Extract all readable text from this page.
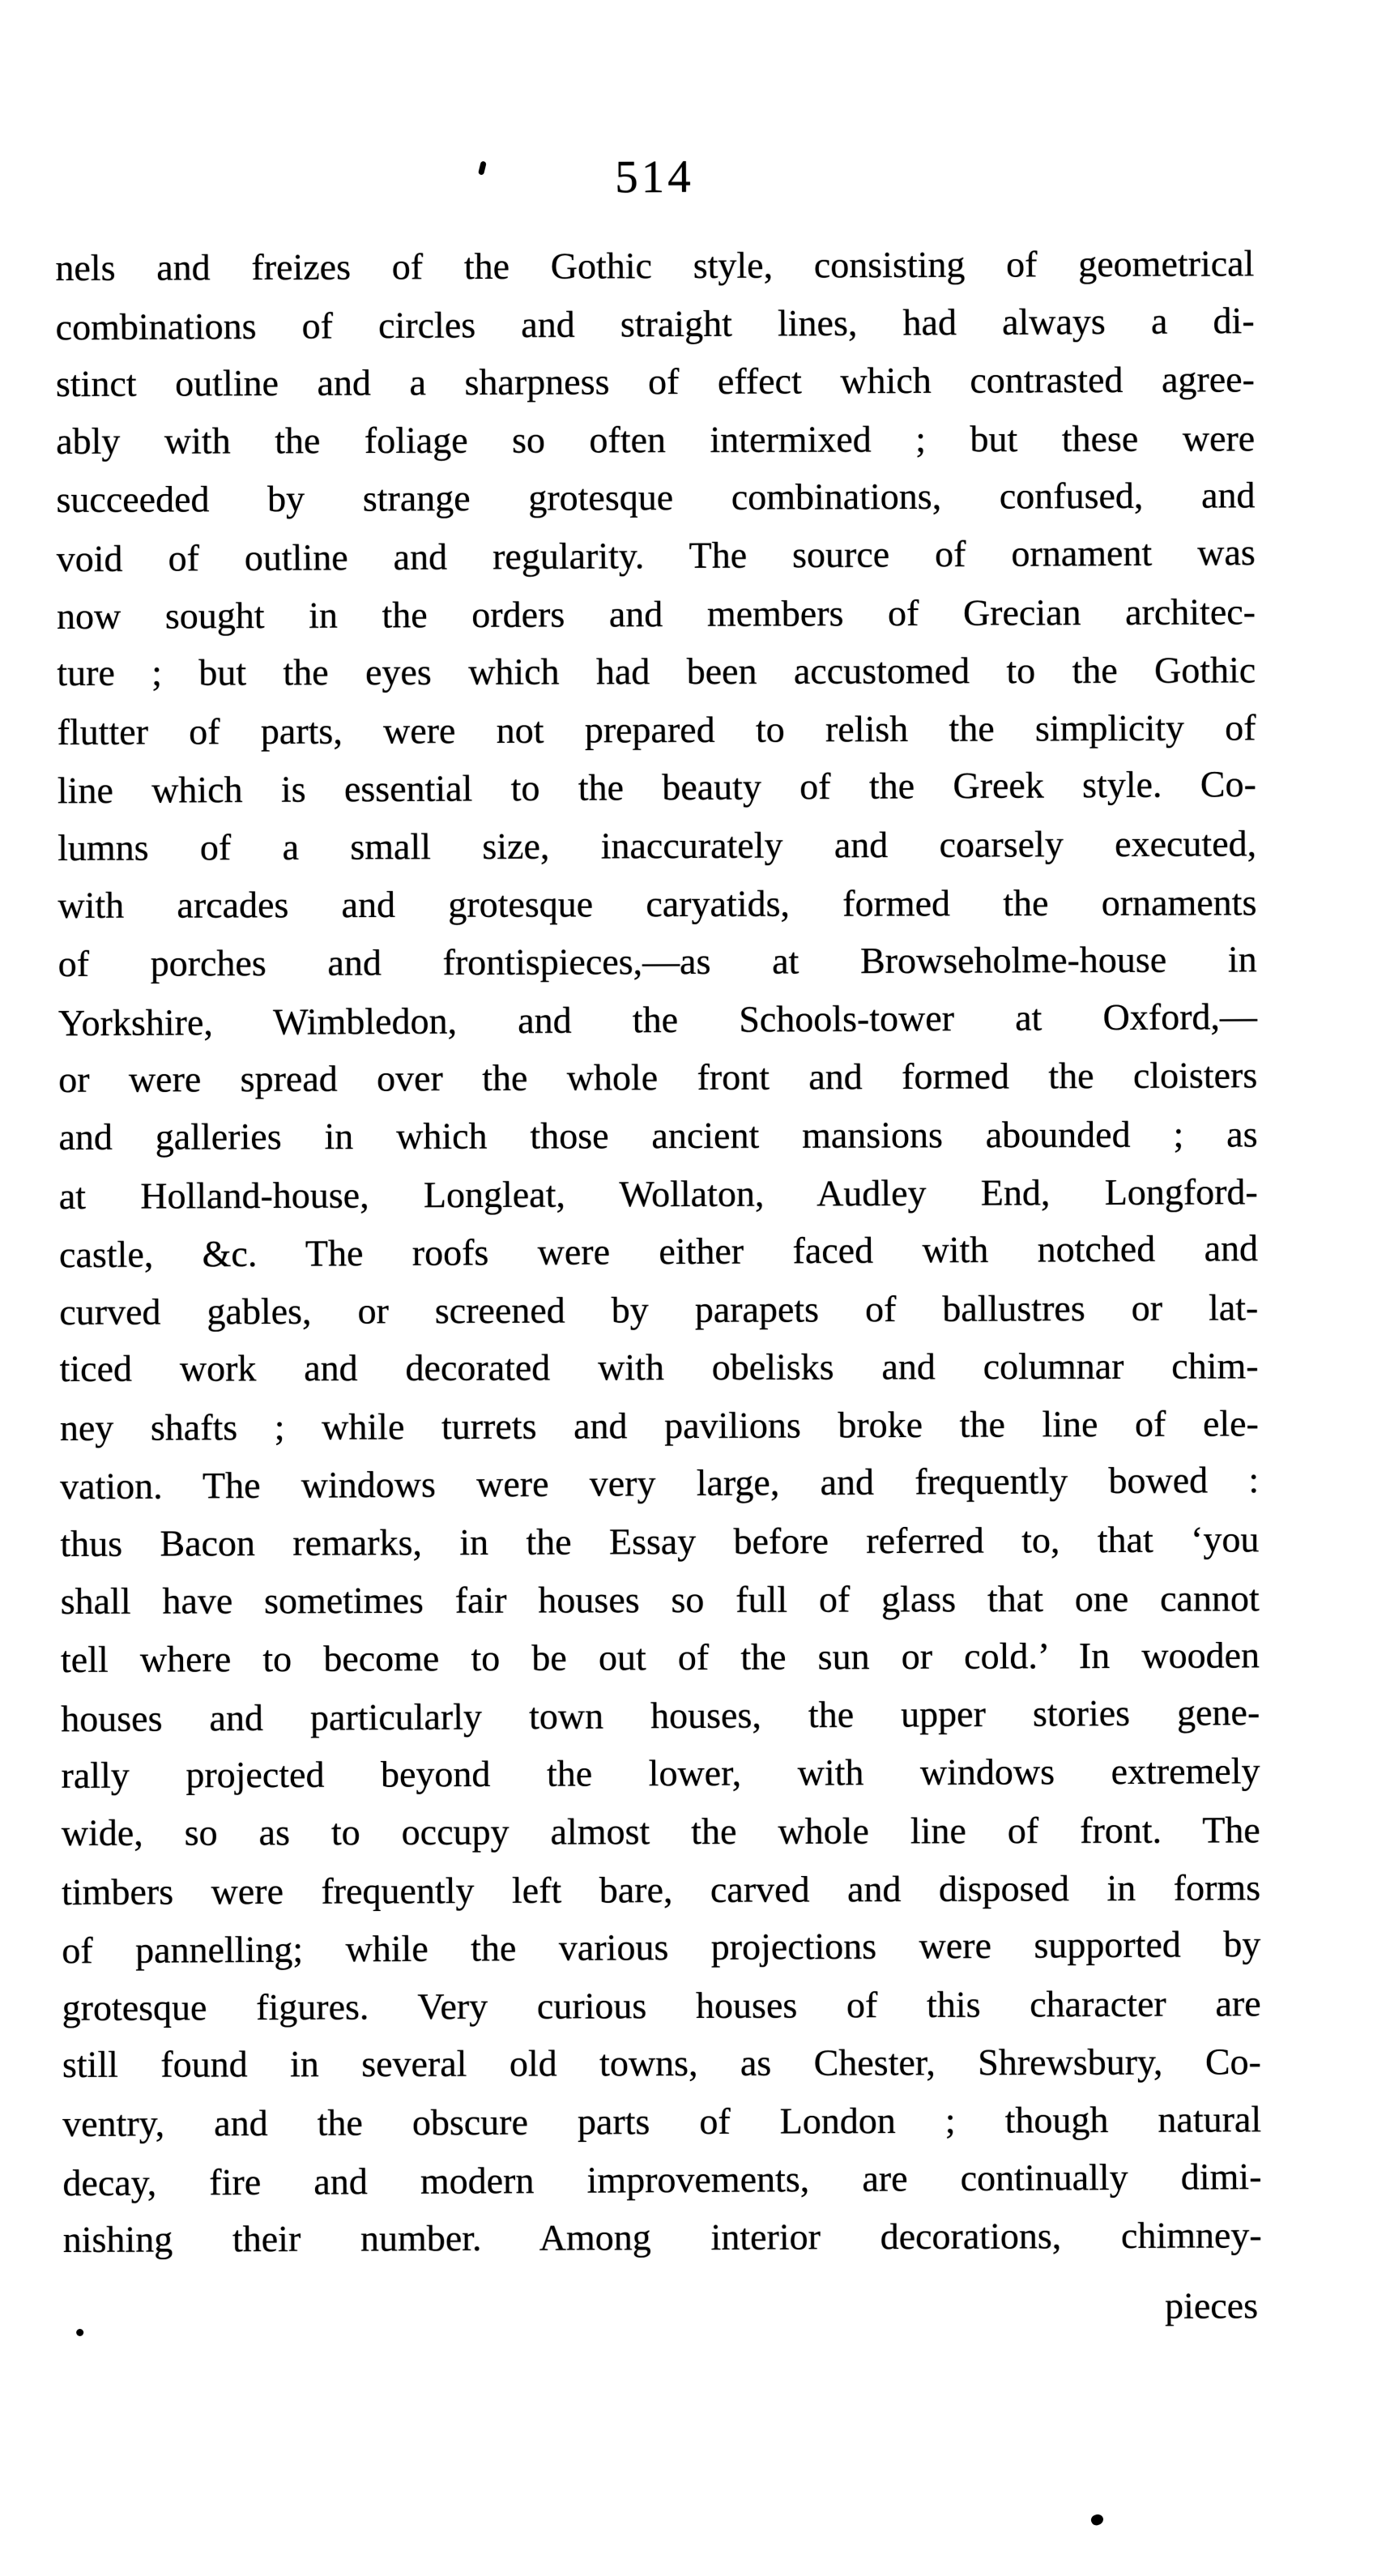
514
nels and freizes of the Gothic style, consisting of geometrical
combinations of circles and straight lines, had always a di-
stinct outline and a sharpness of effect which contrasted agree-
ably with the foliage so often intermixed ; but these were
succeeded by strange grotesque combinations, confused, and
void of outline and regularity. The source of ornament was
now sought in the orders and members of Grecian architec-
ture ; but the eyes which had been accustomed to the Gothic
flutter of parts, were not prepared to relish the simplicity of
line which is essential to the beauty of the Greek style. Co-
lumns of a small size, inaccurately and coarsely executed,
with arcades and grotesque caryatids, formed the ornaments
of porches and frontispieces,—as at Browseholme-house in
Yorkshire, Wimbledon, and the Schools-tower at Oxford,—
or were spread over the whole front and formed the cloisters
and galleries in which those ancient mansions abounded ; as
at Holland-house, Longleat, Wollaton, Audley End, Longford-
castle, &c. The roofs were either faced with notched and
curved gables, or screened by parapets of ballustres or lat-
ticed work and decorated with obelisks and columnar chim-
ney shafts ; while turrets and pavilions broke the line of ele-
vation. The windows were very large, and frequently bowed :
thus Bacon remarks, in the Essay before referred to, that ‘you
shall have sometimes fair houses so full of glass that one cannot
tell where to become to be out of the sun or cold.’ In wooden
houses and particularly town houses, the upper stories gene-
rally projected beyond the lower, with windows extremely
wide, so as to occupy almost the whole line of front. The
timbers were frequently left bare, carved and disposed in forms
of pannelling; while the various projections were supported by
grotesque figures. Very curious houses of this character are
still found in several old towns, as Chester, Shrewsbury, Co-
ventry, and the obscure parts of London ; though natural
decay, fire and modern improvements, are continually dimi-
nishing their number. Among interior decorations, chimney-
pieces
